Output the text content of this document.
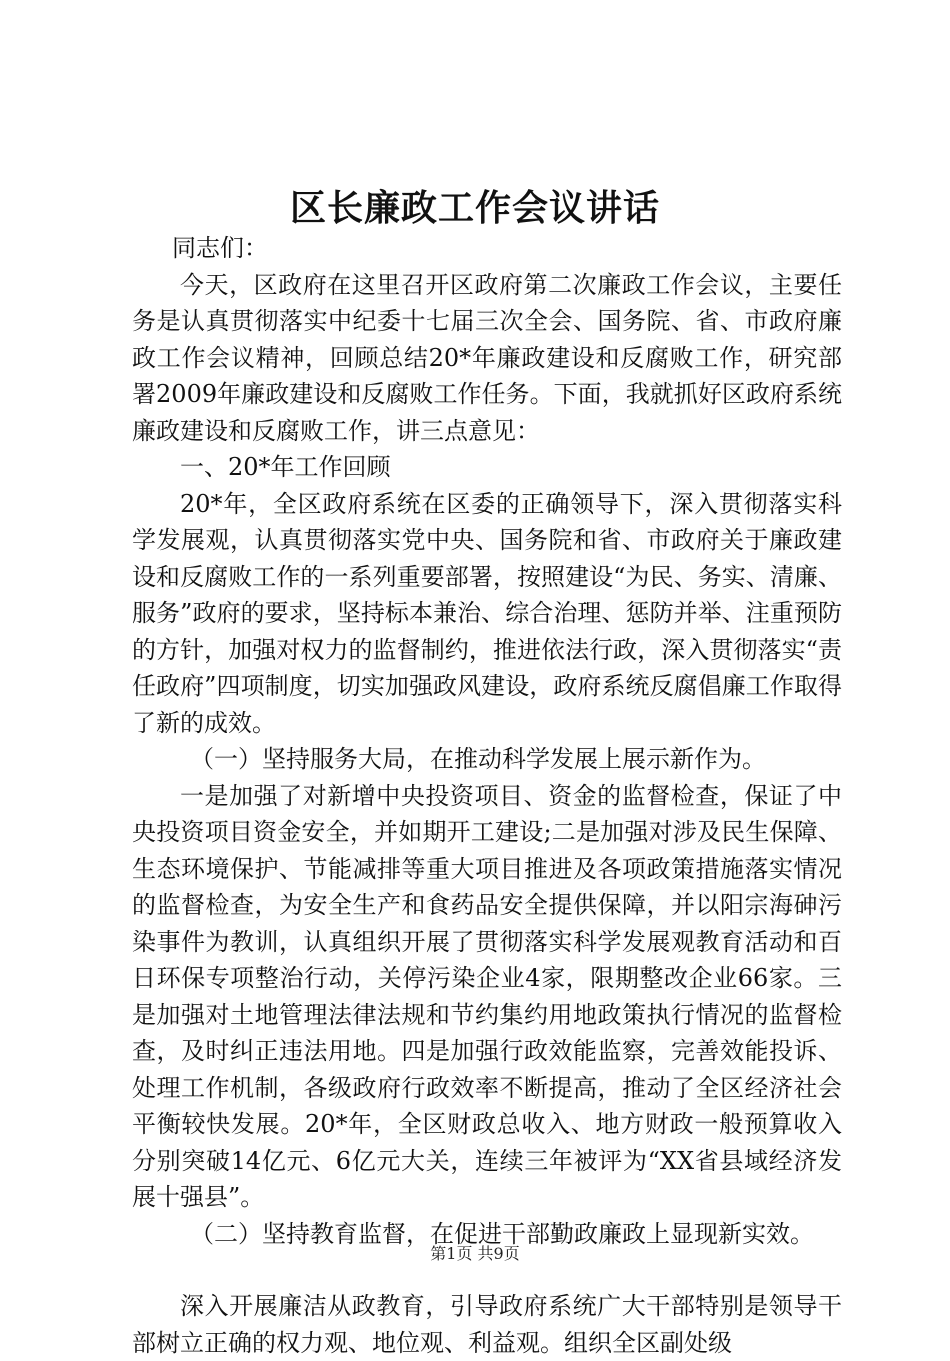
区长廉政工作会议讲话

同志们：

今天，区政府在这里召开区政府第二次廉政工作会议，主要任务是认真贯彻落实中纪委十七届三次全会、国务院、省、市政府廉政工作会议精神，回顾总结20*年廉政建设和反腐败工作，研究部署2009年廉政建设和反腐败工作任务。下面，我就抓好区政府系统廉政建设和反腐败工作，讲三点意见：

一、20*年工作回顾

20*年，全区政府系统在区委的正确领导下，深入贯彻落实科学发展观，认真贯彻落实党中央、国务院和省、市政府关于廉政建设和反腐败工作的一系列重要部署，按照建设“为民、务实、清廉、服务”政府的要求，坚持标本兼治、综合治理、惩防并举、注重预防的方针，加强对权力的监督制约，推进依法行政，深入贯彻落实“责任政府”四项制度，切实加强政风建设，政府系统反腐倡廉工作取得了新的成效。

（一）坚持服务大局，在推动科学发展上展示新作为。

一是加强了对新增中央投资项目、资金的监督检查，保证了中央投资项目资金安全，并如期开工建设;二是加强对涉及民生保障、生态环境保护、节能减排等重大项目推进及各项政策措施落实情况的监督检查，为安全生产和食药品安全提供保障，并以阳宗海砷污染事件为教训，认真组织开展了贯彻落实科学发展观教育活动和百日环保专项整治行动，关停污染企业4家，限期整改企业66家。三是加强对土地管理法律法规和节约集约用地政策执行情况的监督检查，及时纠正违法用地。四是加强行政效能监察，完善效能投诉、处理工作机制，各级政府行政效率不断提高，推动了全区经济社会平衡较快发展。20*年，全区财政总收入、地方财政一般预算收入分别突破14亿元、6亿元大关，连续三年被评为“XX省县域经济发展十强县”。

（二）坚持教育监督，在促进干部勤政廉政上显现新实效。

深入开展廉洁从政教育，引导政府系统广大干部特别是领导干部树立正确的权力观、地位观、利益观。组织全区副处级

第1页 共9页
